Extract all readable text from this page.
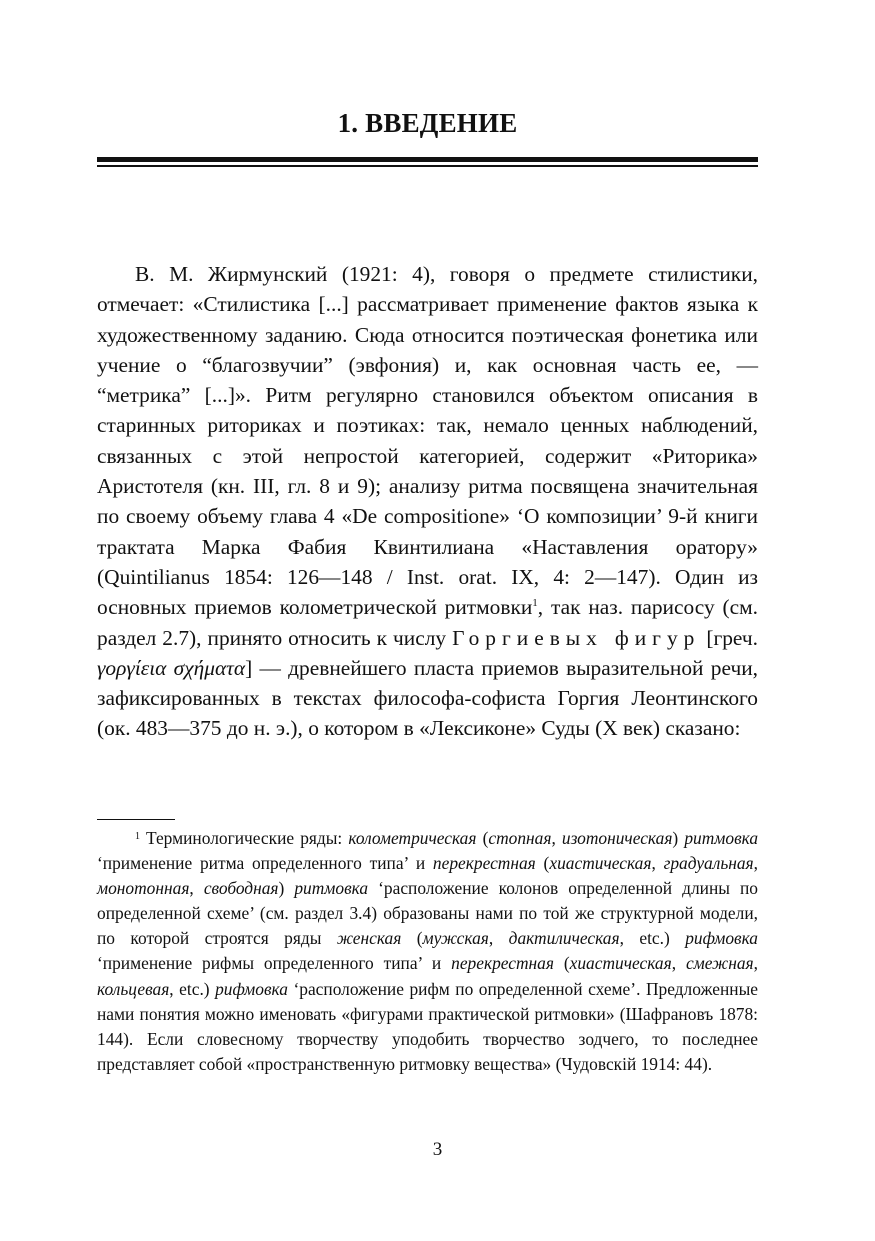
1. ВВЕДЕНИЕ

В. М. Жирмунский (1921: 4), говоря о предмете стилистики, отмечает: «Стилистика [...] рассматривает применение фактов языка к художественному заданию. Сюда относится поэтическая фонетика или учение о “благозвучии” (эвфония) и, как основная часть ее, — “метрика” [...]». Ритм регулярно становился объектом описания в старинных риториках и поэтиках: так, немало ценных наблюдений, связанных с этой непростой категорией, содержит «Риторика» Аристотеля (кн. III, гл. 8 и 9); анализу ритма посвящена значительная по своему объему глава 4 «De compositione» ‘О композиции’ 9-й книги трактата Марка Фабия Квинтилиана «Наставления оратору» (Quintilianus 1854: 126—148 / Inst. orat. IX, 4: 2—147). Один из основных приемов колометрической ритмовки$^1$, так наз. парисосу (см. раздел 2.7), принято относить к числу Горгиевых фигур [греч. γοργίεια σχήματα] — древнейшего пласта приемов выразительной речи, зафиксированных в текстах философа-софиста Горгия Леонтинского (ок. 483—375 до н. э.), о котором в «Лексиконе» Суды (X век) сказано:

$^1$ Терминологические ряды: колометрическая (стопная, изотоническая) ритмовка ‘применение ритма определенного типа’ и перекрестная (хиастическая, градуальная, монотонная, свободная) ритмовка ‘расположение колонов определенной длины по определенной схеме’ (см. раздел 3.4) образованы нами по той же структурной модели, по которой строятся ряды женская (мужская, дактилическая, etc.) рифмовка ‘применение рифмы определенного типа’ и перекрестная (хиастическая, смежная, кольцевая, etc.) рифмовка ‘расположение рифм по определенной схеме’. Предложенные нами понятия можно именовать «фигурами практической ритмовки» (Шафрановъ 1878: 144). Если словесному творчеству уподобить творчество зодчего, то последнее представляет собой «пространственную ритмовку вещества» (Чудовскiй 1914: 44).

3
